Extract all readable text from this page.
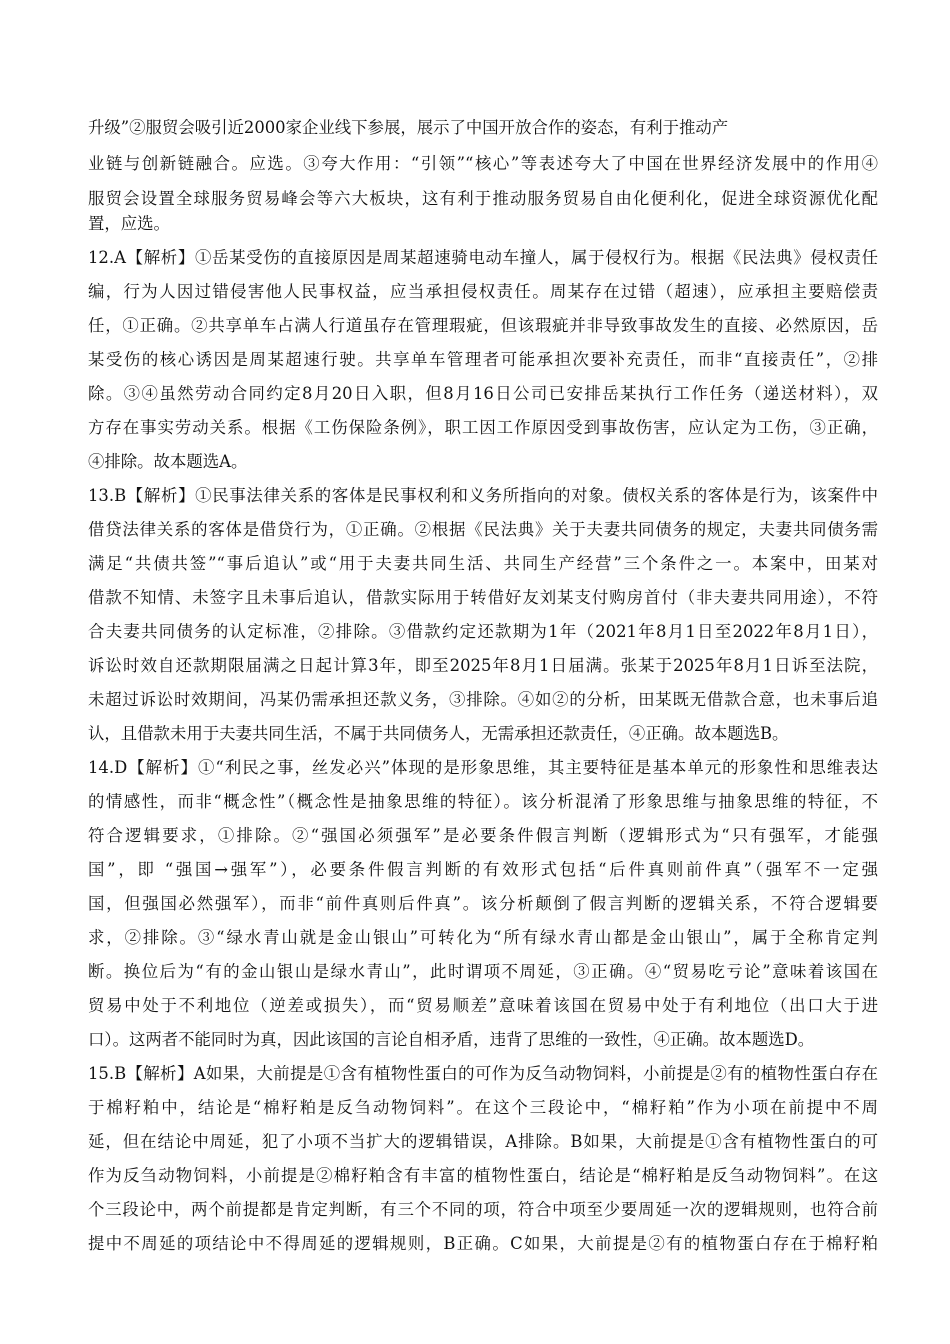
升级”②服贸会吸引近2000家企业线下参展，展示了中国开放合作的姿态，有利于推动产
业链与创新链融合。应选。③夸大作用：“引领”“核心”等表述夸大了中国在世界经济发展中的作用④
服贸会设置全球服务贸易峰会等六大板块，这有利于推动服务贸易自由化便利化，促进全球资源优化配
置，应选。
12.A【解析】①岳某受伤的直接原因是周某超速骑电动车撞人，属于侵权行为。根据《民法典》侵权责任
编，行为人因过错侵害他人民事权益，应当承担侵权责任。周某存在过错（超速），应承担主要赔偿责
任，①正确。②共享单车占满人行道虽存在管理瑕疵，但该瑕疵并非导致事故发生的直接、必然原因，岳
某受伤的核心诱因是周某超速行驶。共享单车管理者可能承担次要补充责任，而非“直接责任”，②排
除。③④虽然劳动合同约定8月20日入职，但8月16日公司已安排岳某执行工作任务（递送材料），双
方存在事实劳动关系。根据《工伤保险条例》，职工因工作原因受到事故伤害，应认定为工伤，③正确，
④排除。故本题选A。
13.B【解析】①民事法律关系的客体是民事权利和义务所指向的对象。债权关系的客体是行为，该案件中
借贷法律关系的客体是借贷行为，①正确。②根据《民法典》关于夫妻共同债务的规定，夫妻共同债务需
满足“共债共签”“事后追认”或“用于夫妻共同生活、共同生产经营”三个条件之一。本案中，田某对
借款不知情、未签字且未事后追认，借款实际用于转借好友刘某支付购房首付（非夫妻共同用途），不符
合夫妻共同债务的认定标准，②排除。③借款约定还款期为1年（2021年8月1日至2022年8月1日），
诉讼时效自还款期限届满之日起计算3年，即至2025年8月1日届满。张某于2025年8月1日诉至法院，
未超过诉讼时效期间，冯某仍需承担还款义务，③排除。④如②的分析，田某既无借款合意，也未事后追
认，且借款未用于夫妻共同生活，不属于共同债务人，无需承担还款责任，④正确。故本题选B。
14.D【解析】①“利民之事，丝发必兴”体现的是形象思维，其主要特征是基本单元的形象性和思维表达
的情感性，而非“概念性”（概念性是抽象思维的特征）。该分析混淆了形象思维与抽象思维的特征，不
符合逻辑要求，①排除。②“强国必须强军”是必要条件假言判断（逻辑形式为“只有强军，才能强
国”，即 “强国→强军”），必要条件假言判断的有效形式包括“后件真则前件真”（强军不一定强
国，但强国必然强军），而非“前件真则后件真”。该分析颠倒了假言判断的逻辑关系，不符合逻辑要
求，②排除。③“绿水青山就是金山银山”可转化为“所有绿水青山都是金山银山”，属于全称肯定判
断。换位后为“有的金山银山是绿水青山”，此时谓项不周延，③正确。④“贸易吃亏论”意味着该国在
贸易中处于不利地位（逆差或损失），而“贸易顺差”意味着该国在贸易中处于有利地位（出口大于进
口）。这两者不能同时为真，因此该国的言论自相矛盾，违背了思维的一致性，④正确。故本题选D。
15.B【解析】A如果，大前提是①含有植物性蛋白的可作为反刍动物饲料，小前提是②有的植物性蛋白存在
于棉籽粕中，结论是“棉籽粕是反刍动物饲料”。在这个三段论中，“棉籽粕”作为小项在前提中不周
延，但在结论中周延，犯了小项不当扩大的逻辑错误，A排除。B如果，大前提是①含有植物性蛋白的可
作为反刍动物饲料，小前提是②棉籽粕含有丰富的植物性蛋白，结论是“棉籽粕是反刍动物饲料”。在这
个三段论中，两个前提都是肯定判断，有三个不同的项，符合中项至少要周延一次的逻辑规则，也符合前
提中不周延的项结论中不得周延的逻辑规则，B正确。C如果，大前提是②有的植物蛋白存在于棉籽粕
